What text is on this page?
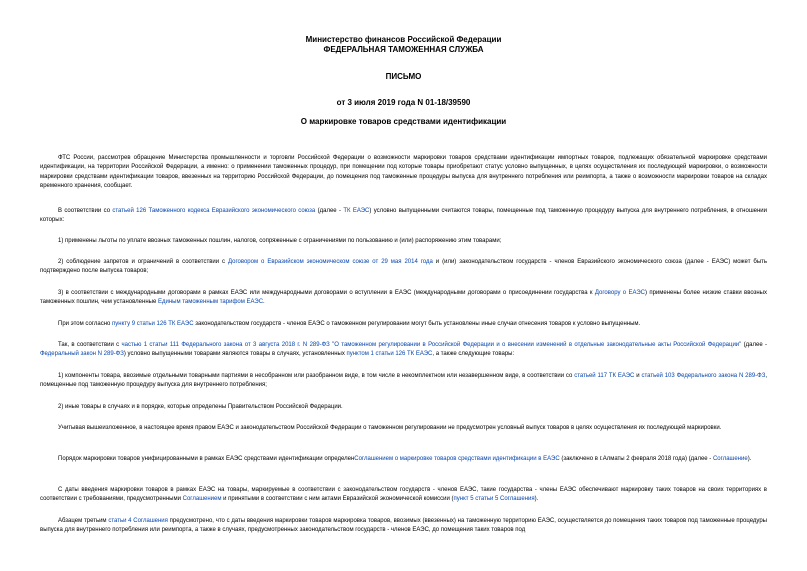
Министерство финансов Российской Федерации
ФЕДЕРАЛЬНАЯ ТАМОЖЕННАЯ СЛУЖБА
ПИСЬМО
от 3 июля 2019 года N 01-18/39590
О маркировке товаров средствами идентификации
ФТС России, рассмотрев обращение Министерства промышленности и торговли Российской Федерации о возможности маркировки товаров средствами идентификации импортных товаров, подлежащих обязательной маркировке средствами идентификации, на территории Российской Федерации, а именно: о применении таможенных процедур, при помещении под которые товары приобретают статус условно выпущенных, в целях осуществления их последующей маркировки, о возможности маркировки средствами идентификации товаров, ввезенных на территорию Российской Федерации, до помещения под таможенные процедуры выпуска для внутреннего потребления или реимпорта, а также о возможности маркировки товаров на складах временного хранения, сообщает.
В соответствии со статьей 126 Таможенного кодекса Евразийского экономического союза (далее - ТК ЕАЭС) условно выпущенными считаются товары, помещенные под таможенную процедуру выпуска для внутреннего потребления, в отношении которых:
1) применены льготы по уплате ввозных таможенных пошлин, налогов, сопряженные с ограничениями по пользованию и (или) распоряжению этим товарами;
2) соблюдение запретов и ограничений в соответствии с Договором о Евразийском экономическом союзе от 29 мая 2014 года и (или) законодательством государств - членов Евразийского экономического союза (далее - ЕАЭС) может быть подтверждено после выпуска товаров;
3) в соответствии с международными договорами в рамках ЕАЭС или международными договорами о вступлении в ЕАЭС (международными договорами о присоединении государства к Договору о ЕАЭС) применены более низкие ставки ввозных таможенных пошлин, чем установленные Единым таможенным тарифом ЕАЭС.
При этом согласно пункту 9 статьи 126 ТК ЕАЭС законодательством государств - членов ЕАЭС о таможенном регулировании могут быть установлены иные случаи отнесения товаров к условно выпущенным.
Так, в соответствии с частью 1 статьи 111 Федерального закона от 3 августа 2018 г. N 289-ФЗ "О таможенном регулировании в Российской Федерации и о внесении изменений в отдельные законодательные акты Российской Федерации" (далее - Федеральный закон N 289-ФЗ) условно выпущенными товарами являются товары в случаях, установленных пунктом 1 статьи 126 ТК ЕАЭС, а также следующие товары:
1) компоненты товара, ввозимые отдельными товарными партиями в несобранном или разобранном виде, в том числе в некомплектном или незавершенном виде, в соответствии со статьей 117 ТК ЕАЭС и статьей 103 Федерального закона N 289-ФЗ, помещенные под таможенную процедуру выпуска для внутреннего потребления;
2) иные товары в случаях и в порядке, которые определены Правительством Российской Федерации.
Учитывая вышеизложенное, в настоящее время правом ЕАЭС и законодательством Российской Федерации о таможенном регулировании не предусмотрен условный выпуск товаров в целях осуществления их последующей маркировки.
Порядок маркировки товаров унифицированными в рамках ЕАЭС средствами идентификации определенСоглашением о маркировке товаров средствами идентификации в ЕАЭС (заключено в г.Алматы 2 февраля 2018 года) (далее - Соглашение).
С даты введения маркировки товаров в рамках ЕАЭС на товары, маркируемые в соответствии с законодательством государств - членов ЕАЭС, такие государства - члены ЕАЭС обеспечивают маркировку таких товаров на своих территориях в соответствии с требованиями, предусмотренными Соглашением и принятыми в соответствии с ним актами Евразийской экономической комиссии (пункт 5 статьи 5 Соглашения).
Абзацем третьим статьи 4 Соглашения предусмотрено, что с даты введения маркировки товаров маркировка товаров, ввозимых (ввезенных) на таможенную территорию ЕАЭС, осуществляется до помещения таких товаров под таможенные процедуры выпуска для внутреннего потребления или реимпорта, а также в случаях, предусмотренных законодательством государств - членов ЕАЭС, до помещения таких товаров под
